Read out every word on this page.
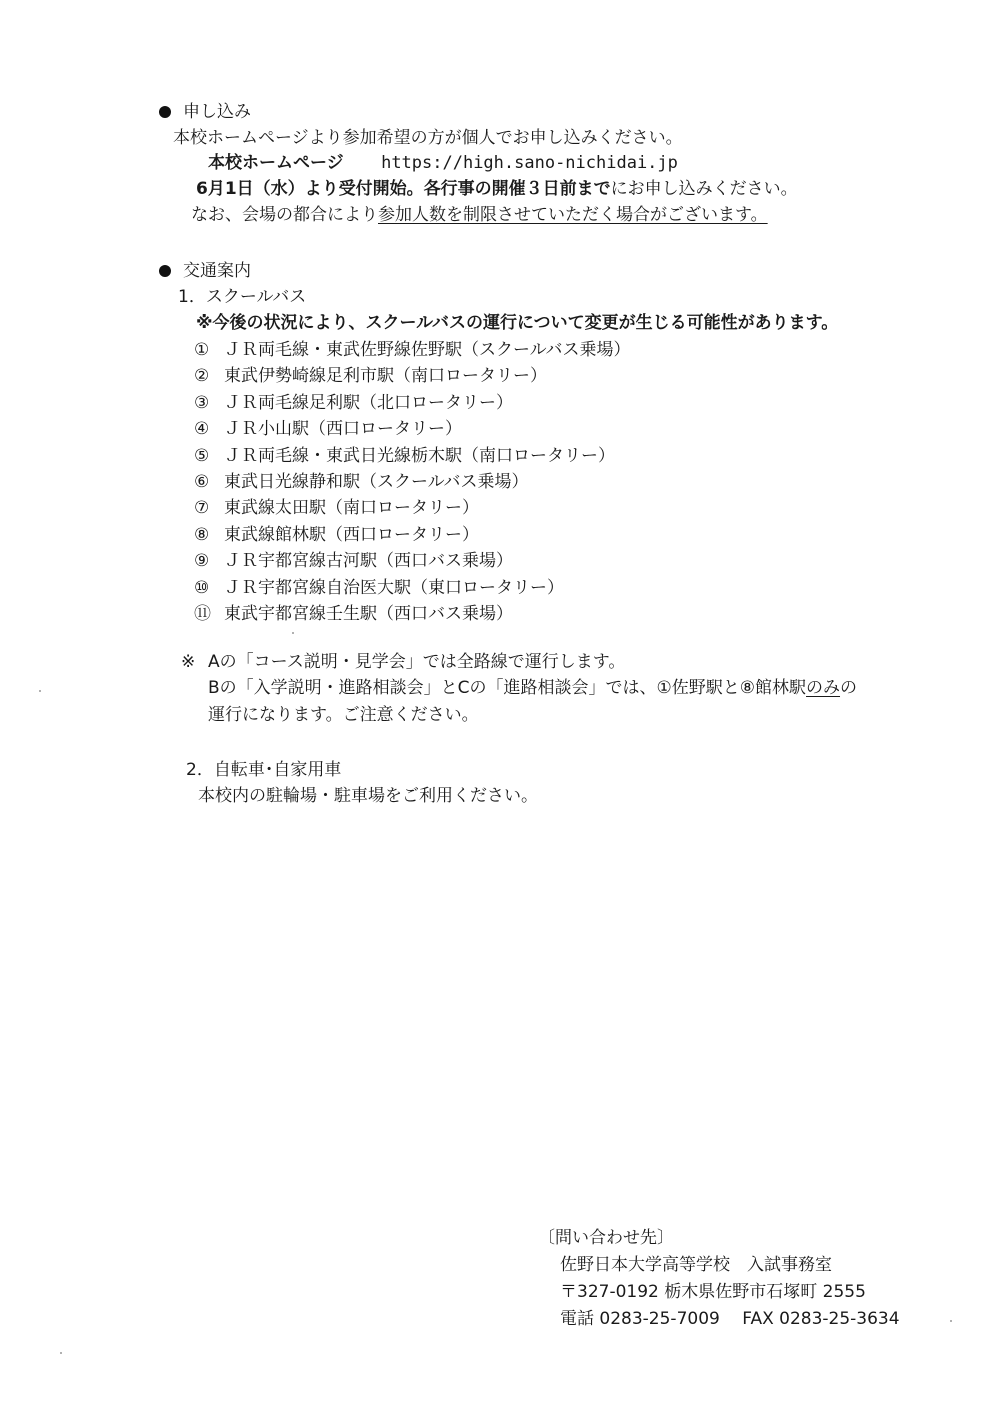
申し込み
本校ホームページより参加希望の方が個人でお申し込みください。
本校ホームページ https://high.sano-nichidai.jp
6月1日（水）より受付開始。各行事の開催３日前までにお申し込みください。
なお、会場の都合により参加人数を制限させていただく場合がございます。
交通案内
1．スクールバス
※今後の状況により、スクールバスの運行について変更が生じる可能性があります。
① ＪＲ両毛線・東武佐野線佐野駅（スクールバス乗場）
② 東武伊勢崎線足利市駅（南口ロータリー）
③ ＪＲ両毛線足利駅（北口ロータリー）
④ ＪＲ小山駅（西口ロータリー）
⑤ ＪＲ両毛線・東武日光線栃木駅（南口ロータリー）
⑥ 東武日光線静和駅（スクールバス乗場）
⑦ 東武線太田駅（南口ロータリー）
⑧ 東武線館林駅（西口ロータリー）
⑨ ＪＲ宇都宮線古河駅（西口バス乗場）
⑩ ＪＲ宇都宮線自治医大駅（東口ロータリー）
⑪ 東武宇都宮線壬生駅（西口バス乗場）
※ Aの「コース説明・見学会」では全路線で運行します。
Bの「入学説明・進路相談会」とCの「進路相談会」では、①佐野駅と⑧館林駅のみの
運行になります。ご注意ください。
2．自転車･自家用車
本校内の駐輪場・駐車場をご利用ください。
〔問い合わせ先〕
佐野日本大学高等学校　入試事務室
〒327-0192 栃木県佐野市石塚町 2555
電話 0283-25-7009　 FAX 0283-25-3634
